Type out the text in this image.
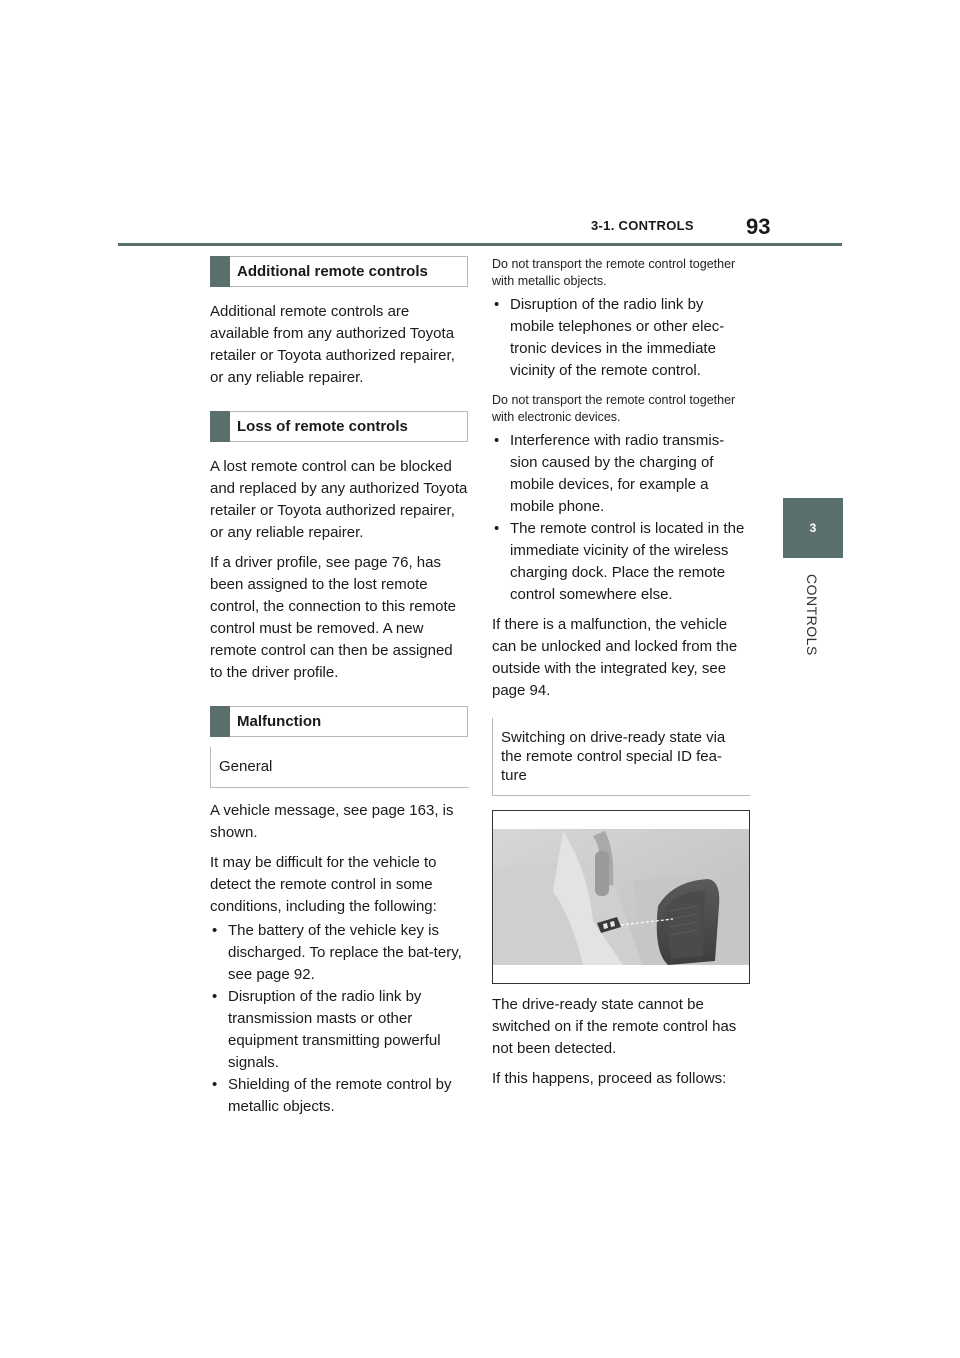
3-1. CONTROLS 93
3
CONTROLS
Additional remote controls

Additional remote controls are available from any authorized Toyota retailer or Toyota authorized repairer, or any reliable repairer.

Loss of remote controls

A lost remote control can be blocked and replaced by any authorized Toyota retailer or Toyota authorized repairer, or any reliable repairer.

If a driver profile, see page 76, has been assigned to the lost remote control, the connection to this remote control must be removed. A new remote control can then be assigned to the driver profile.

Malfunction
General

A vehicle message, see page 163, is shown.

It may be difficult for the vehicle to detect the remote control in some conditions, including the following:

• The battery of the vehicle key is discharged. To replace the bat-tery, see page 92.
• Disruption of the radio link by transmission masts or other equipment transmitting powerful signals.
• Shielding of the remote control by metallic objects.

Do not transport the remote control together with metallic objects.

• Disruption of the radio link by mobile telephones or other elec-tronic devices in the immediate vicinity of the remote control.

Do not transport the remote control together with electronic devices.

• Interference with radio transmis-sion caused by the charging of mobile devices, for example a mobile phone.
• The remote control is located in the immediate vicinity of the wireless charging dock. Place the remote control somewhere else.

If there is a malfunction, the vehicle can be unlocked and locked from the outside with the integrated key, see page 94.

Switching on drive-ready state via the remote control special ID fea-ture

The drive-ready state cannot be switched on if the remote control has not been detected.

If this happens, proceed as follows:
